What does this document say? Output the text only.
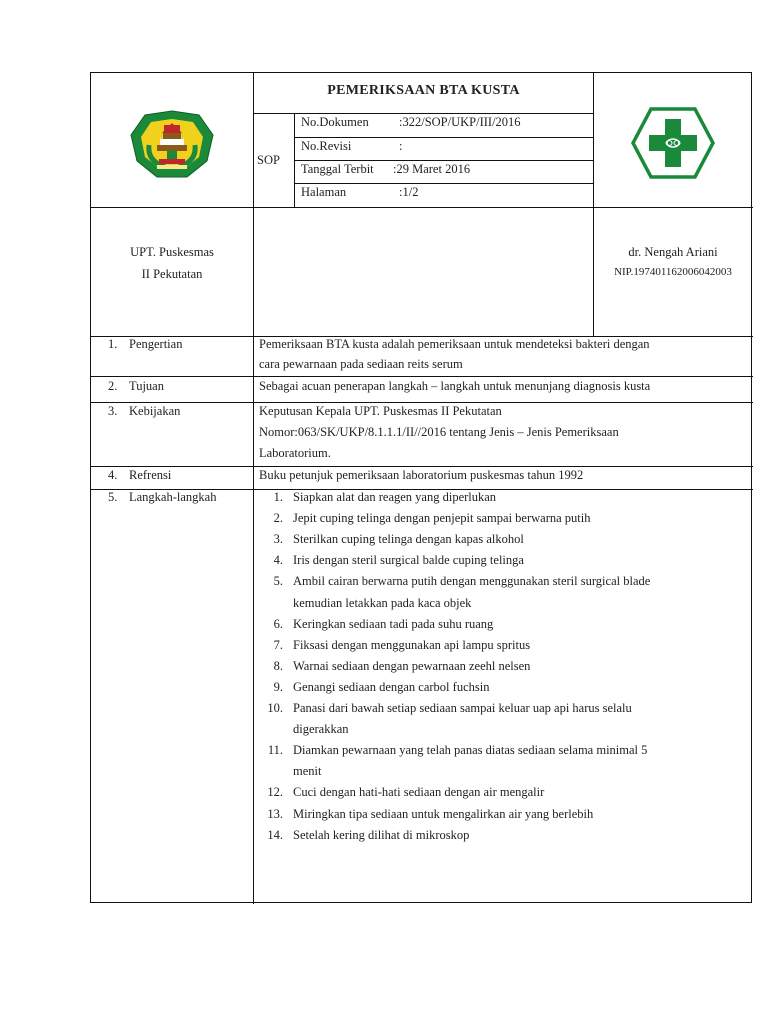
PEMERIKSAAN BTA KUSTA
SOP
No.Dokumen :322/SOP/UKP/III/2016
No.Revisi	:
Tanggal Terbit :29 Maret 2016
Halaman	:1/2
UPT. Puskesmas
II Pekutatan
dr. Nengah Ariani
NIP.197401162006042003
1. Pengertian	Pemeriksaan BTA kusta adalah pemeriksaan untuk mendeteksi bakteri dengan
cara pewarnaan pada sediaan reits serum
2. Tujuan	Sebagai acuan penerapan langkah – langkah untuk menunjang diagnosis kusta
3. Kebijakan	Keputusan Kepala UPT. Puskesmas II Pekutatan
Nomor:063/SK/UKP/8.1.1.1/II//2016 tentang Jenis – Jenis Pemeriksaan
Laboratorium.
4. Refrensi	Buku petunjuk pemeriksaan laboratorium puskesmas tahun 1992
5. Langkah-langkah	1. Siapkan alat dan reagen yang diperlukan
2. Jepit cuping telinga dengan penjepit sampai berwarna putih
3. Sterilkan cuping telinga dengan kapas alkohol
4. Iris dengan steril surgical balde cuping telinga
5. Ambil cairan berwarna putih dengan menggunakan steril surgical blade
kemudian letakkan pada kaca objek
6. Keringkan sediaan tadi pada suhu ruang
7. Fiksasi dengan menggunakan api lampu spritus
8. Warnai sediaan dengan pewarnaan zeehl nelsen
9. Genangi sediaan dengan carbol fuchsin
10. Panasi dari bawah setiap sediaan sampai keluar uap api harus selalu
digerakkan
11. Diamkan pewarnaan yang telah panas diatas sediaan selama minimal 5
menit
12. Cuci dengan hati-hati sediaan dengan air mengalir
13. Miringkan tipa sediaan untuk mengalirkan air yang berlebih
14. Setelah kering dilihat di mikroskop
